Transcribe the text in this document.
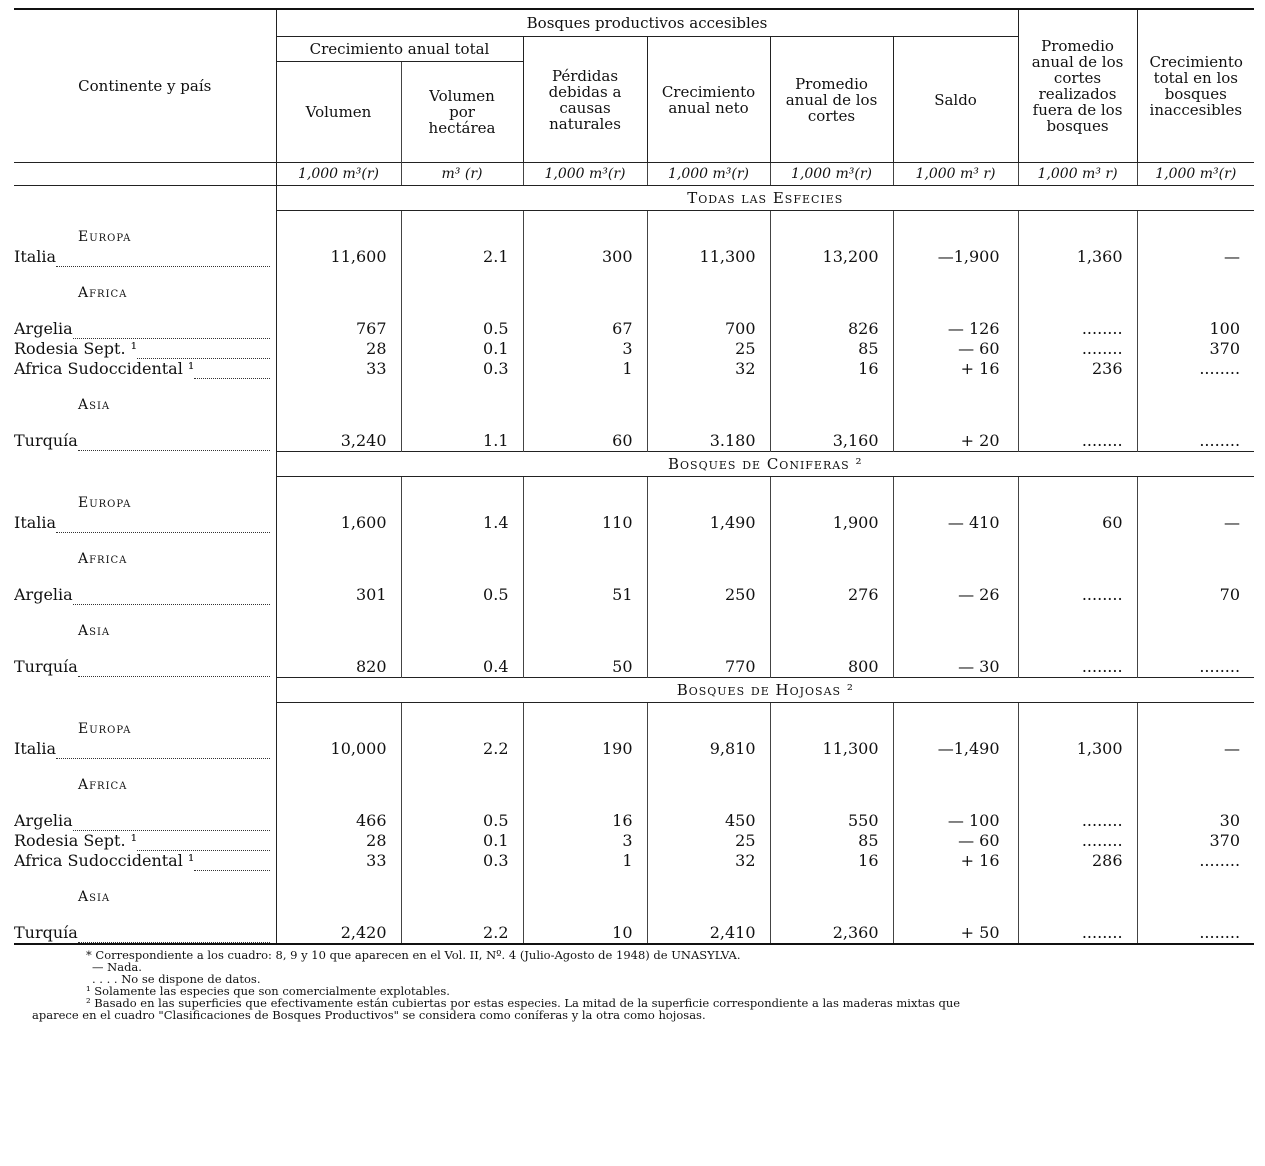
Continente y país	Bosques productivos accesibles						Promedio anual de los cortes realizados fuera de los bosques	Crecimiento total en los bosques inaccesibles
	Crecimiento anual total		Pérdidas debidas a causas naturales	Crecimiento anual neto	Promedio anual de los cortes	Saldo		
	Volumen	Volumen por hectárea						
	1,000 m³(r)	m³ (r)	1,000 m³(r)	1,000 m³(r)	1,000 m³(r)	1,000 m³ r)	1,000 m³ r)	1,000 m³(r)
	Todas las Esfecies							

Europa								
Italia	11,600	2.1	300	11,300	13,200	—1,900	1,360	—

Africa								

Argelia	767	0.5	67	700	826	— 126	........	100
Rodesia Sept. ¹	28	0.1	3	25	85	— 60	........	370
Africa Sudoccidental ¹	33	0.3	1	32	16	+ 16	236	........

Asia								

Turquía	3,240	1.1	60	3.180	3,160	+ 20	........	........
	Bosques de Coniferas ²							

Europa								
Italia	1,600	1.4	110	1,490	1,900	— 410	60	—

Africa								

Argelia	301	0.5	51	250	276	— 26	........	70

Asia								

Turquía	820	0.4	50	770	800	— 30	........	........
	Bosques de Hojosas ²							

Europa								
Italia	10,000	2.2	190	9,810	11,300	—1,490	1,300	—

Africa								

Argelia	466	0.5	16	450	550	— 100	........	30
Rodesia Sept. ¹	28	0.1	3	25	85	— 60	........	370
Africa Sudoccidental ¹	33	0.3	1	32	16	+ 16	286	........

Asia								

Turquía	2,420	2.2	10	2,410	2,360	+ 50	........	........
* Correspondiente a los cuadro: 8, 9 y 10 que aparecen en el Vol. II, Nº. 4 (Julio-Agosto de 1948) de UNASYLVA.
— Nada.
. . . . No se dispone de datos.
¹ Solamente las especies que son comercialmente explotables.
² Basado en las superficies que efectivamente están cubiertas por estas especies. La mitad de la superficie correspondiente a las maderas mixtas que
aparece en el cuadro "Clasificaciones de Bosques Productivos" se considera como coníferas y la otra como hojosas.
